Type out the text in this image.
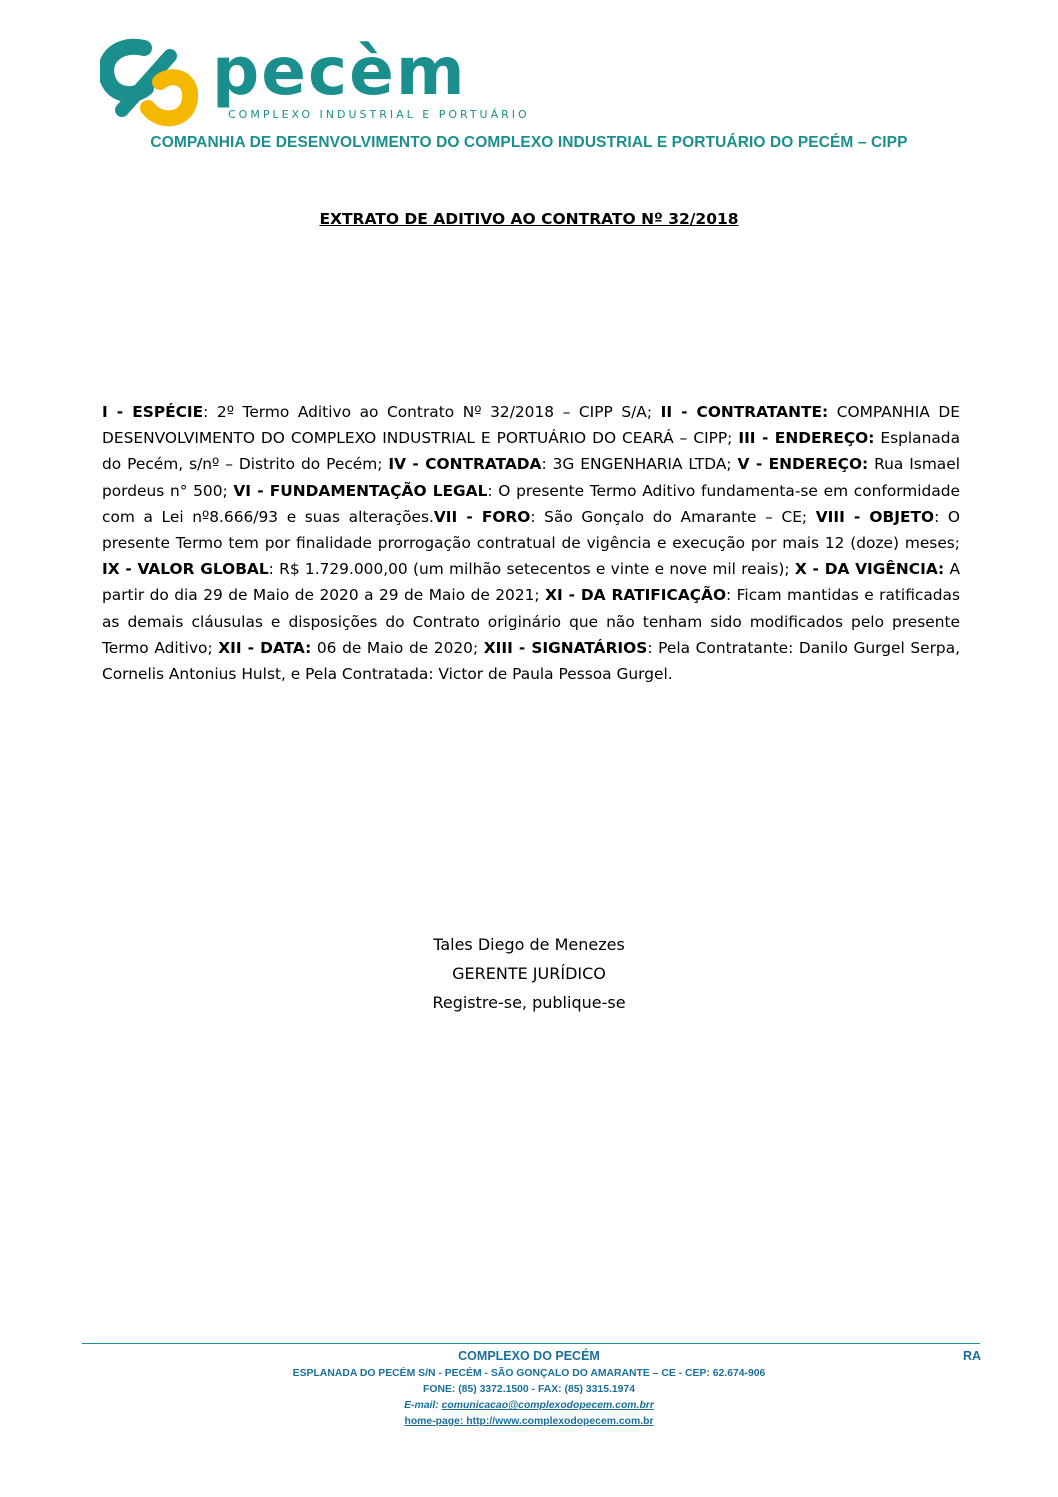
pecèm
COMPLEXO INDUSTRIAL E PORTUÁRIO
COMPANHIA DE DESENVOLVIMENTO DO COMPLEXO INDUSTRIAL E PORTUÁRIO DO PECÉM – CIPP
EXTRATO DE ADITIVO AO CONTRATO Nº 32/2018
I - ESPÉCIE: 2º Termo Aditivo ao Contrato Nº 32/2018 – CIPP S/A; II - CONTRATANTE: COMPANHIA DE DESENVOLVIMENTO DO COMPLEXO INDUSTRIAL E PORTUÁRIO DO CEARÁ – CIPP; III - ENDEREÇO: Esplanada do Pecém, s/nº – Distrito do Pecém; IV - CONTRATADA: 3G ENGENHARIA LTDA; V - ENDEREÇO: Rua Ismael pordeus n° 500; VI - FUNDAMENTAÇÃO LEGAL: O presente Termo Aditivo fundamenta-se em conformidade com a Lei nº8.666/93 e suas alterações.VII - FORO: São Gonçalo do Amarante – CE; VIII - OBJETO: O presente Termo tem por finalidade prorrogação contratual de vigência e execução por mais 12 (doze) meses; IX - VALOR GLOBAL: R$ 1.729.000,00 (um milhão setecentos e vinte e nove mil reais); X - DA VIGÊNCIA: A partir do dia 29 de Maio de 2020 a 29 de Maio de 2021; XI - DA RATIFICAÇÃO: Ficam mantidas e ratificadas as demais cláusulas e disposições do Contrato originário que não tenham sido modificados pelo presente Termo Aditivo; XII - DATA: 06 de Maio de 2020; XIII - SIGNATÁRIOS: Pela Contratante: Danilo Gurgel Serpa, Cornelis Antonius Hulst, e Pela Contratada: Victor de Paula Pessoa Gurgel.
Tales Diego de Menezes
GERENTE JURÍDICO
Registre-se, publique-se
COMPLEXO DO PECÉM	RA
ESPLANADA DO PECÉM S/N - PECÉM - SÃO GONÇALO DO AMARANTE – CE - CEP: 62.674-906
FONE: (85) 3372.1500 - FAX: (85) 3315.1974
E-mail: comunicacao@complexodopecem.com.brr
home-page: http://www.complexodopecem.com.br
